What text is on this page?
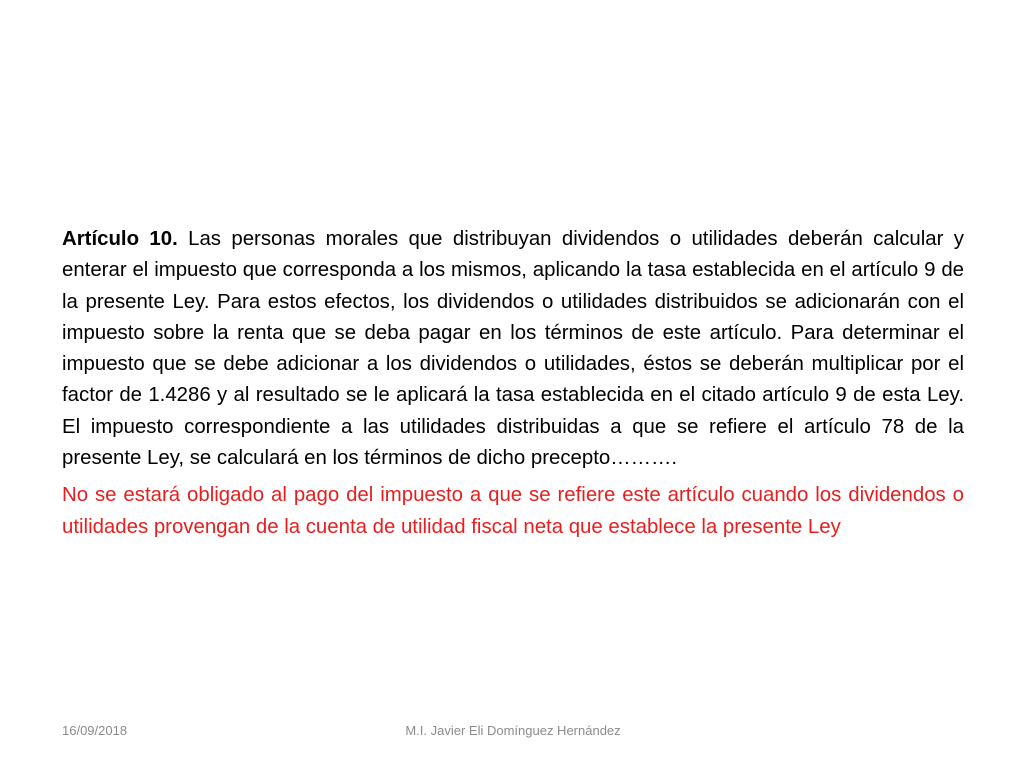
Artículo 10. Las personas morales que distribuyan dividendos o utilidades deberán calcular y enterar el impuesto que corresponda a los mismos, aplicando la tasa establecida en el artículo 9 de la presente Ley. Para estos efectos, los dividendos o utilidades distribuidos se adicionarán con el impuesto sobre la renta que se deba pagar en los términos de este artículo. Para determinar el impuesto que se debe adicionar a los dividendos o utilidades, éstos se deberán multiplicar por el factor de 1.4286 y al resultado se le aplicará la tasa establecida en el citado artículo 9 de esta Ley. El impuesto correspondiente a las utilidades distribuidas a que se refiere el artículo 78 de la presente Ley, se calculará en los términos de dicho precepto……….

No se estará obligado al pago del impuesto a que se refiere este artículo cuando los dividendos o utilidades provengan de la cuenta de utilidad fiscal neta que establece la presente Ley

16/09/2018	M.I. Javier Eli Domínguez Hernández
